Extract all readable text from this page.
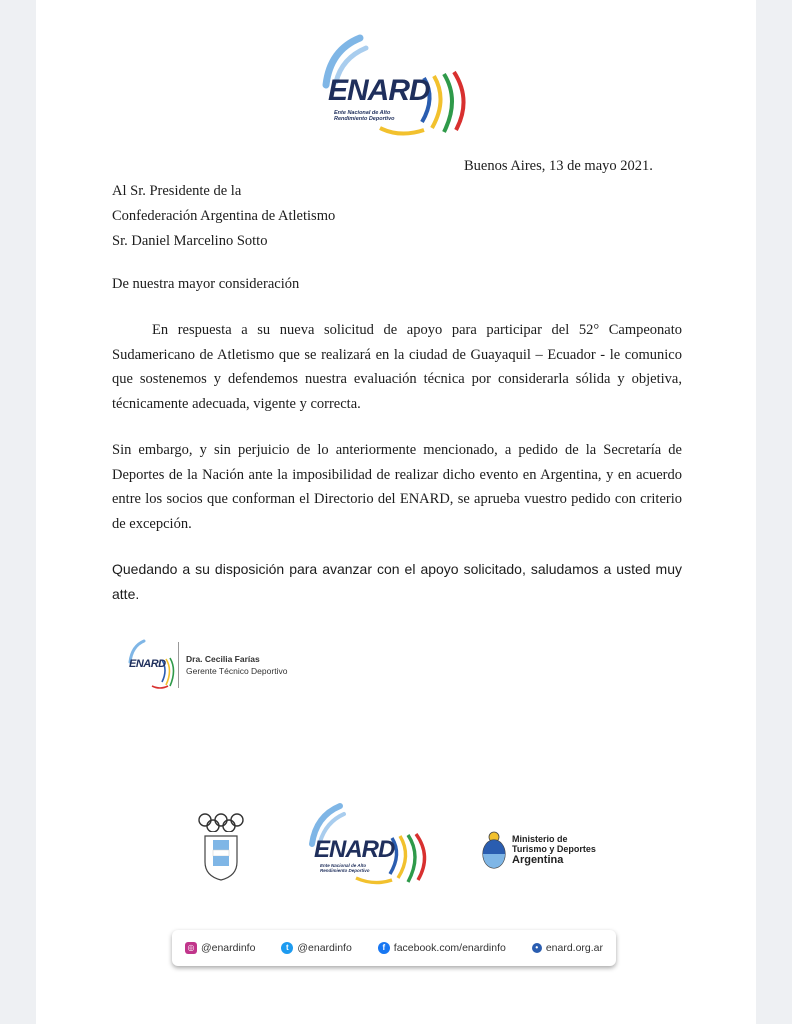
ENARD
Ente Nacional de Alto
Rendimiento Deportivo
Buenos Aires, 13 de mayo 2021.
Al Sr. Presidente de la
Confederación Argentina de Atletismo
Sr. Daniel Marcelino Sotto
De nuestra mayor consideración
En respuesta a su nueva solicitud de apoyo para participar del 52° Campeonato Sudamericano de Atletismo que se realizará en la ciudad de Guayaquil – Ecuador - le comunico que sostenemos y defendemos nuestra evaluación técnica por considerarla sólida y objetiva, técnicamente adecuada, vigente y correcta.
Sin embargo, y sin perjuicio de lo anteriormente mencionado, a pedido de la Secretaría de Deportes de la Nación ante la imposibilidad de realizar dicho evento en Argentina, y en acuerdo entre los socios que conforman el Directorio del ENARD, se aprueba vuestro pedido con criterio de excepción.
Quedando a su disposición para avanzar con el apoyo solicitado, saludamos a usted muy atte.
ENARD Dra. Cecilia Farías
Gerente Técnico Deportivo
ENARD
Ente Nacional de Alto
Rendimiento Deportivo
Ministerio de
Turismo y Deportes
Argentina
◎ @enardinfo	t @enardinfo	f facebook.com/enardinfo	• enard.org.ar
